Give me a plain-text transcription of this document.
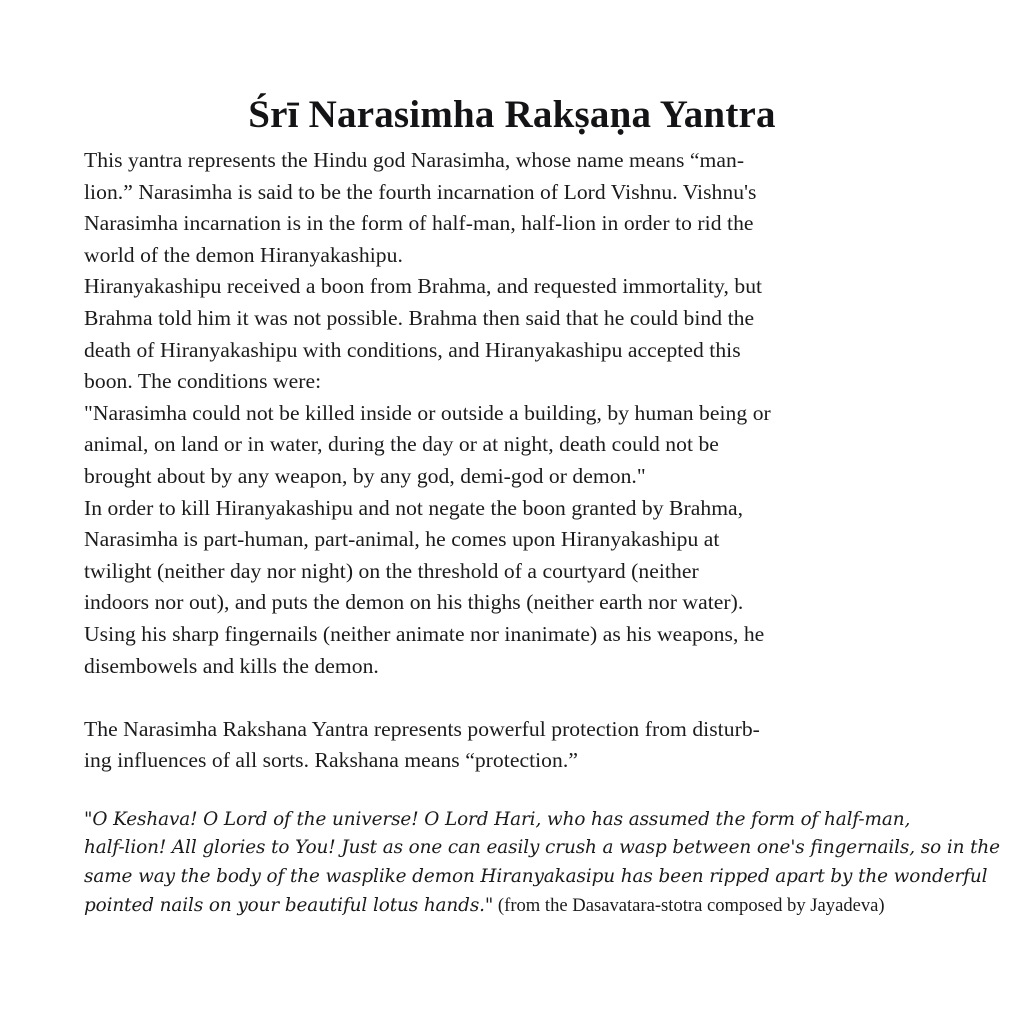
Śrī Narasimha Rakṣaṇa Yantra
This yantra represents the Hindu god Narasimha, whose name means “man-
lion.” Narasimha is said to be the fourth incarnation of Lord Vishnu. Vishnu's
Narasimha incarnation is in the form of half-man, half-lion in order to rid the
world of the demon Hiranyakashipu.
Hiranyakashipu received a boon from Brahma, and requested immortality, but
Brahma told him it was not possible. Brahma then said that he could bind the
death of Hiranyakashipu with conditions, and Hiranyakashipu accepted this
boon. The conditions were:
"Narasimha could not be killed inside or outside a building, by human being or
animal, on land or in water, during the day or at night, death could not be
brought about by any weapon, by any god, demi-god or demon."
In order to kill Hiranyakashipu and not negate the boon granted by Brahma,
Narasimha is part-human, part-animal, he comes upon Hiranyakashipu at
twilight (neither day nor night) on the threshold of a courtyard (neither
indoors nor out), and puts the demon on his thighs (neither earth nor water).
Using his sharp fingernails (neither animate nor inanimate) as his weapons, he
disembowels and kills the demon.
The Narasimha Rakshana Yantra represents powerful protection from disturb-
ing influences of all sorts. Rakshana means “protection.”
"O Keshava! O Lord of the universe! O Lord Hari, who has assumed the form of half-man,
half-lion! All glories to You! Just as one can easily crush a wasp between one's fingernails, so in the
same way the body of the wasplike demon Hiranyakasipu has been ripped apart by the wonderful
pointed nails on your beautiful lotus hands." (from the Dasavatara-stotra composed by Jayadeva)
